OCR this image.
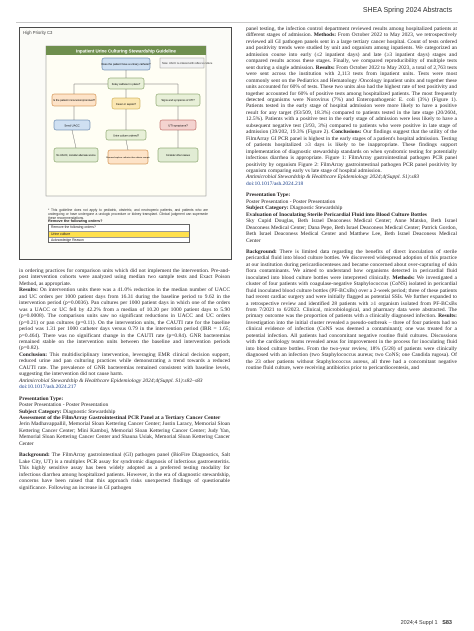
SHEA Spring 2024 Abstracts
High Priority C3
Inpatient Urine Culturing Stewardship Guideline
Note: UACC is ordered with reflex to culture
Does the patient have a urinary catheter?
Foley catheter in place?
Is the patient immunocompromised?
Fever or sepsis?
Signs and symptoms of UTI?
Send UACC	UTI symptoms?
Urine culture ordered?
No UA/UC, consider alternate source
Remove/replace catheter then obtain sample
Consider other causes
* This guideline does not apply to pediatric, obstetric, and neutropenic patients, and patients who are undergoing or have undergone a urologic procedure or kidney transplant. Clinical judgment can supersede these recommendations.
Remove the following orders?
Remove the following orders?
Urine culture
Acknowledge Reason

in ordering practices for comparison units which did not implement the intervention. Pre-and-post intervention cohorts were analyzed using median two sample tests and Exact Poison Method, as appropriate.

Results: On intervention units there was a 41.0% reduction in the median number of UACC and UC orders per 1000 patient days from 16.31 during the baseline period to 9.62 in the intervention period (p=0.0036). Pan cultures per 1000 patient days in which one of the orders was a UACC or UC fell by 42.2% from a median of 10.20 per 1000 patient days to 5.90 (p=0.0008). The comparison units saw no significant reductions in UACC and UC orders (p=0.21) or pan cultures (p=0.11). On the intervention units, the CAUTI rate for the baseline period was 1.31 per 1000 catheter days versus 0.79 in the intervention period (IRR = 1.65; p=0.464). There was no significant change in the CAUTI rate (p=0.84). GNR bacteremias remained stable on the intervention units between the baseline and intervention periods (p=0.82).

Conclusion: This multidisciplinary intervention, leveraging EMR clinical decision support, reduced urine and pan culturing practices while demonstrating a trend towards a reduced CAUTI rate. The prevalence of GNR bacteremias remained consistent with baseline levels, suggesting the intervention did not cause harm.

Antimicrobial Stewardship & Healthcare Epidemiology 2024;4(Suppl. S1):s82–s83

doi:10.1017/ash.2024.217

Presentation Type:

Poster Presentation - Poster Presentation

Subject Category: Diagnostic Stewardship

Assessment of the FilmArray Gastrointestinal PCR Panel at a Tertiary Cancer Center

Jerin Madhavappallil, Memorial Sloan Kettering Cancer Center; Justin Laracy, Memorial Sloan Kettering Cancer Center; Mini Kamboj, Memorial Sloan Kettering Cancer Center; Judy Yan, Memorial Sloan Kettering Cancer Center and Shauna Usiak, Memorial Sloan Kettering Cancer Center

Background: The FilmArray gastrointestinal (GI) pathogen panel (BioFire Diagnostics, Salt Lake City, UT) is a multiplex PCR assay for syndromic diagnosis of infectious gastroenteritis. This highly sensitive assay has been widely adopted as a preferred testing modality for infectious diarrhea among hospitalized patients. However, in the era of diagnostic stewardship, concerns have been raised that this approach risks unexpected findings of questionable significance. Following an increase in GI pathogen

panel testing, the infection control department reviewed results among hospitalized patients at different stages of admission. Methods: From October 2022 to May 2023, we retrospectively reviewed all GI pathogen panels sent in a large tertiary cancer hospital. Count of tests ordered and positivity trends were studied by unit and organism among inpatients. We categorized an admission course into early (≤2 inpatient days) and late (≥3 inpatient days) stages and compared results across these stages. Finally, we compared reproducibility of multiple tests sent during a single admission. Results: From October 2022 to May 2023, a total of 2,763 tests were sent across the institution with 2,113 tests from inpatient units. Tests were most commonly sent on the Pediatrics and Hematology /Oncology inpatient units and together these units accounted for 60% of tests. These two units also had the highest rate of test positivity and together accounted for 60% of positive tests among hospitalized patients. The most frequently detected organisms were Norovirus (7%) and Enteropathogenic E. coli (3%) (Figure 1). Patients tested in the early stage of hospital admission were more likely to have a positive result for any target (93/509, 18.3%) compared to patients tested in the late stage (20/2604, 12.5%). Patients with a positive test in the early stage of admission were less likely to have a subsequent negative test (3/93, 3%) compared to patients who were positive in late stage of admission (39/202, 19.3% (Figure 2). Conclusions: Our findings suggest that the utility of the FilmArray GI PCR panel is highest in the early stages of a patient's hospital admission. Testing of patients hospitalized ≥3 days is likely to be inappropriate. These findings support implementation of diagnostic stewardship standards on when syndromic testing for potentially infectious diarrhea is appropriate. Figure 1: FilmArray gastrointestinal pathogen PCR panel positivity by organism Figure 2: FilmArray gastrointestinal pathogen PCR panel positivity by organism comparing early vs late stage of hospital admission.

Antimicrobial Stewardship & Healthcare Epidemiology 2024;4(Suppl. S1):s83

doi:10.1017/ash.2024.218

Presentation Type:

Poster Presentation - Poster Presentation

Subject Category: Diagnostic Stewardship

Evaluation of Inoculating Sterile Pericardial Fluid into Blood Culture Bottles

Sky Cupid Douglas, Beth Israel Deaconess Medical Center; Anne Matsko, Beth Israel Deaconess Medical Center; Dana Pepe, Beth Israel Deaconess Medical Center; Patrick Gordon, Beth Israel Deaconess Medical Center and Matthew Lee, Beth Israel Deaconess Medical Center

Background: There is limited data regarding the benefits of direct inoculation of sterile pericardial fluid into blood culture bottles. We discovered widespread adoption of this practice at our institution during pericardiocenteses and became concerned about over-capturing of skin flora contaminants. We aimed to understand how organisms detected in pericardial fluid inoculated into blood culture bottles were interpreted clinically. Methods: We investigated a cluster of four patients with coagulase-negative Staphylococcus (CoNS) isolated in pericardial fluid inoculated blood culture bottles (PF-BCxBs) over a 2-week period; three of these patients had recent cardiac surgery and were initially flagged as potential SSIs. We further expanded to a retrospective review and identified 28 patients with ≥1 organism isolated from PF-BCxBs from 7/2021 to 6/2023. Clinical, microbiological, and pharmacy data were abstracted. The primary outcome was the proportion of patients with a clinically diagnosed infection. Results: Investigation into the initial cluster revealed a pseudo-outbreak – three of four patients had no clinical evidence of infection (CoNS was deemed a contaminant); one was treated for a potential infection. All patients had concomitant negative routine fluid cultures. Discussions with the cardiology teams revealed areas for improvement in the process for inoculating fluid into blood culture bottles. From the two-year review, 18% (5/28) of patients were clinically diagnosed with an infection (two Staphylococcus aureus; two CoNS; one Candida rugosa). Of the 23 other patients without Staphylococcus aureus, all three had a concomitant negative routine fluid culture, were receiving antibiotics prior to pericardiocentesis, and

2024;4 Suppl 1 S83
